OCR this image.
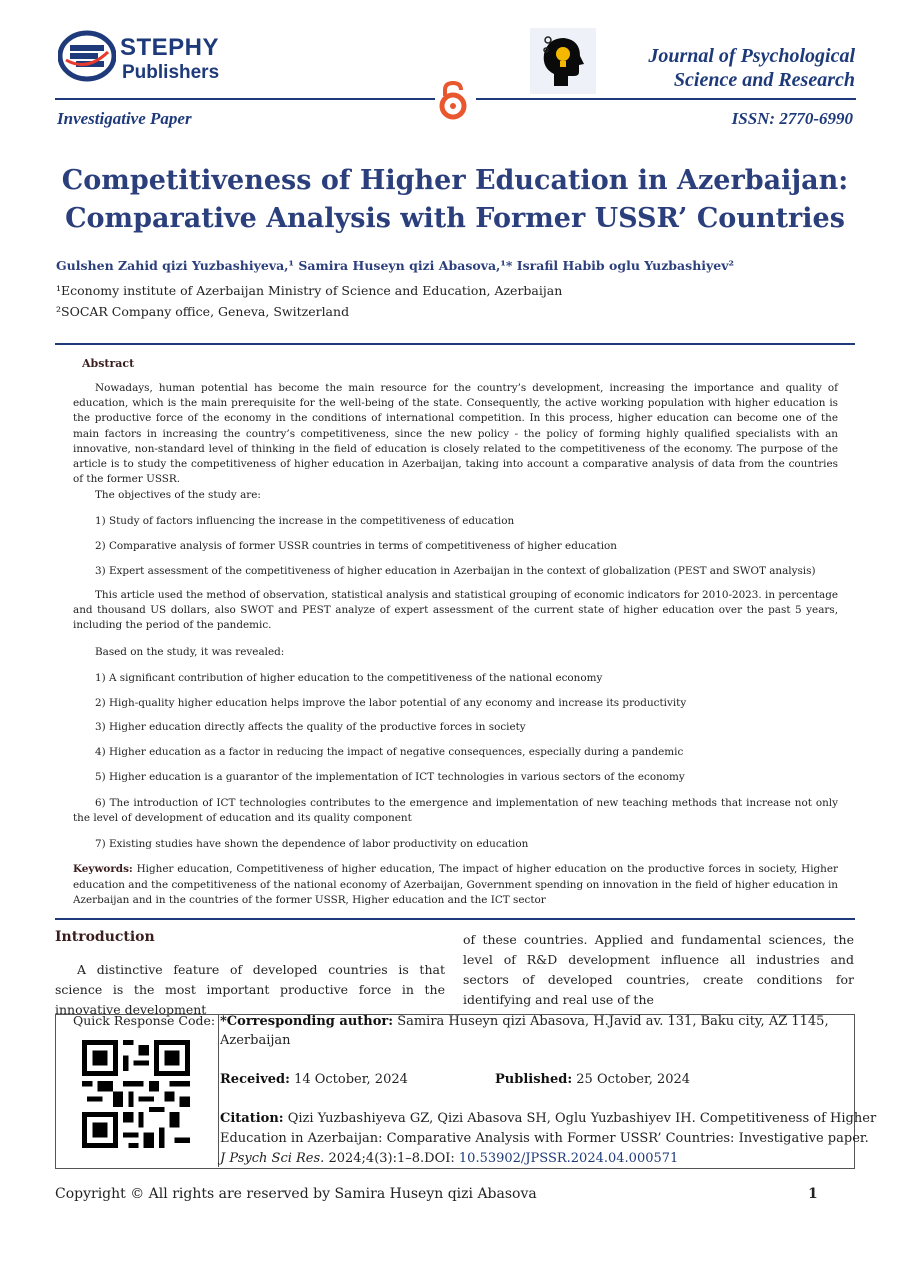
STEPHY
Publishers
Journal of Psychological
Science and Research
Investigative Paper	ISSN: 2770-6990
Competitiveness of Higher Education in Azerbaijan:
Comparative Analysis with Former USSR’ Countries
Gulshen Zahid qizi Yuzbashiyeva,¹ Samira Huseyn qizi Abasova,¹* Israfil Habib oglu Yuzbashiyev²
¹Economy institute of Azerbaijan Ministry of Science and Education, Azerbaijan
²SOCAR Company office, Geneva, Switzerland
Abstract
Nowadays, human potential has become the main resource for the country’s development, increasing the importance and quality of education, which is the main prerequisite for the well-being of the state. Consequently, the active working population with higher education is the productive force of the economy in the conditions of international competition. In this process, higher education can become one of the main factors in increasing the country’s competitiveness, since the new policy - the policy of forming highly qualified specialists with an innovative, non-standard level of thinking in the field of education is closely related to the competitiveness of the economy. The purpose of the article is to study the competitiveness of higher education in Azerbaijan, taking into account a comparative analysis of data from the countries of the former USSR.
The objectives of the study are:
1) Study of factors influencing the increase in the competitiveness of education
2) Comparative analysis of former USSR countries in terms of competitiveness of higher education
3) Expert assessment of the competitiveness of higher education in Azerbaijan in the context of globalization (PEST and SWOT analysis)
This article used the method of observation, statistical analysis and statistical grouping of economic indicators for 2010-2023. in percentage and thousand US dollars, also SWOT and PEST analyze of expert assessment of the current state of higher education over the past 5 years, including the period of the pandemic.
Based on the study, it was revealed:
1) A significant contribution of higher education to the competitiveness of the national economy
2) High-quality higher education helps improve the labor potential of any economy and increase its productivity
3) Higher education directly affects the quality of the productive forces in society
4) Higher education as a factor in reducing the impact of negative consequences, especially during a pandemic
5) Higher education is a guarantor of the implementation of ICT technologies in various sectors of the economy
6) The introduction of ICT technologies contributes to the emergence and implementation of new teaching methods that increase not only the level of development of education and its quality component
7) Existing studies have shown the dependence of labor productivity on education
Keywords: Higher education, Competitiveness of higher education, The impact of higher education on the productive forces in society, Higher education and the competitiveness of the national economy of Azerbaijan, Government spending on innovation in the field of higher education in Azerbaijan and in the countries of the former USSR, Higher education and the ICT sector
Introduction
A distinctive feature of developed countries is that science is the most important productive force in the innovative development
of these countries. Applied and fundamental sciences, the level of R&D development influence all industries and sectors of developed countries, create conditions for identifying and real use of the
Quick Response Code: *Corresponding author: Samira Huseyn qizi Abasova, H.Javid av. 131, Baku city, AZ 1145,
Azerbaijan
Received: 14 October, 2024	Published: 25 October, 2024
Citation: Qizi Yuzbashiyeva GZ, Qizi Abasova SH, Oglu Yuzbashiyev IH. Competitiveness of Higher
Education in Azerbaijan: Comparative Analysis with Former USSR’ Countries: Investigative paper.
J Psych Sci Res. 2024;4(3):1–8.DOI: 10.53902/JPSSR.2024.04.000571
Copyright © All rights are reserved by Samira Huseyn qizi Abasova	1
